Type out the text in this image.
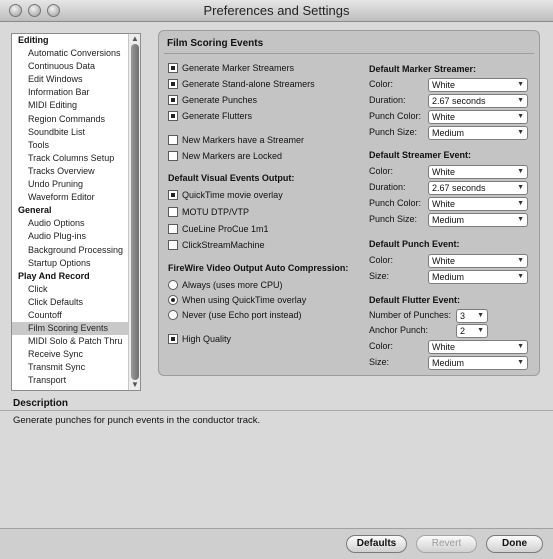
Preferences and Settings
Editing
Automatic Conversions
Continuous Data
Edit Windows
Information Bar
MIDI Editing
Region Commands
Soundbite List
Tools
Track Columns Setup
Tracks Overview
Undo Pruning
Waveform Editor
General
Audio Options
Audio Plug-ins
Background Processing
Startup Options
Play And Record
Click
Click Defaults
Countoff
Film Scoring Events
MIDI Solo & Patch Thru
Receive Sync
Transmit Sync
Transport
▲
▼
Film Scoring Events
Generate Marker Streamers
Generate Stand-alone Streamers
Generate Punches
Generate Flutters
New Markers have a Streamer
New Markers are Locked
Default Visual Events Output:
QuickTime movie overlay
MOTU DTP/VTP
CueLine ProCue 1m1
ClickStreamMachine
FireWire Video Output Auto Compression:
Always (uses more CPU)
When using QuickTime overlay
Never (use Echo port instead)
High Quality
Default Marker Streamer:
Color:	White	▼
Duration:	2.67 seconds	▼
Punch Color:	White	▼
Punch Size:	Medium	▼
Default Streamer Event:
Color:	White	▼
Duration:	2.67 seconds	▼
Punch Color:	White	▼
Punch Size:	Medium	▼
Default Punch Event:
Color:	White	▼
Size:	Medium	▼
Default Flutter Event:
Number of Punches: 3 ▼
Anchor Punch:	2 ▼
Color:	White	▼
Size:	Medium	▼
Description
Generate punches for punch events in the conductor track.
Defaults	Revert	Done
